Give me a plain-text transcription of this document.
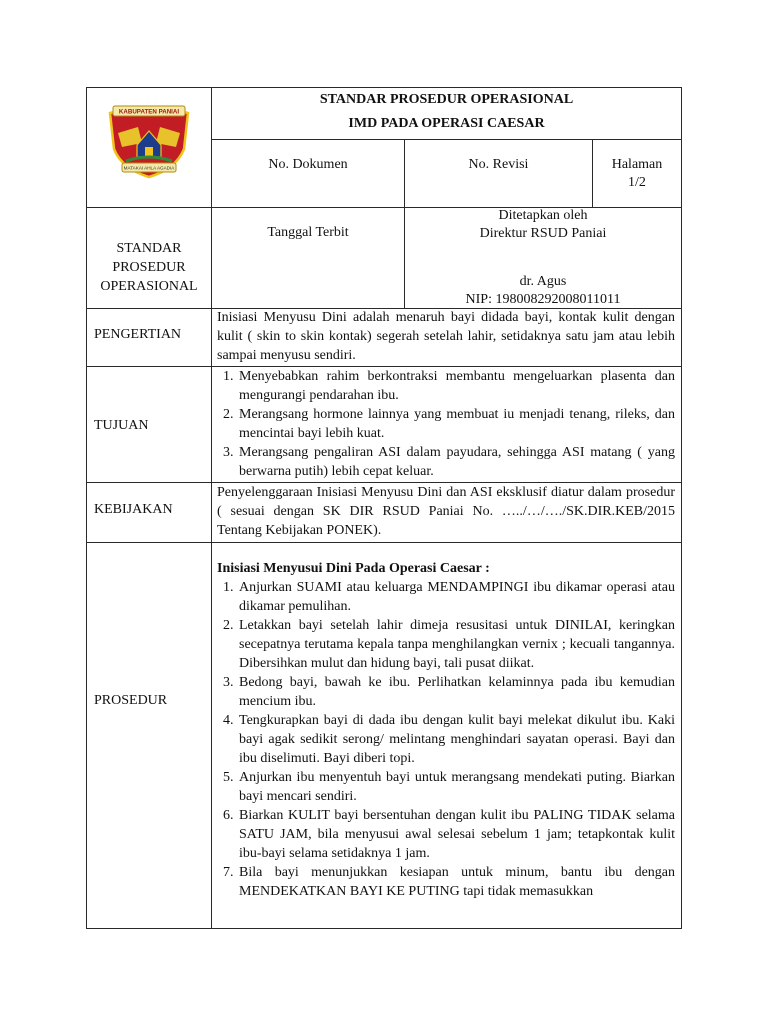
KABUPATEN PANIAI
MATAKAI AHLA AGADIA
STANDAR PROSEDUR OPERASIONAL
IMD PADA OPERASI CAESAR
No. Dokumen	No. Revisi	Halaman
1/2
STANDAR
PROSEDUR
OPERASIONAL
Tanggal Terbit
Ditetapkan oleh
Direktur RSUD Paniai
dr. Agus
NIP: 198008292008011011
PENGERTIAN
Inisiasi Menyusu Dini adalah menaruh bayi didada bayi, kontak kulit dengan kulit ( skin to skin kontak) segerah setelah lahir, setidaknya satu jam atau lebih sampai menyusu sendiri.
TUJUAN
1. Menyebabkan rahim berkontraksi membantu mengeluarkan plasenta dan mengurangi pendarahan ibu.
2. Merangsang hormone lainnya yang membuat iu menjadi tenang, rileks, dan mencintai bayi lebih kuat.
3. Merangsang pengaliran ASI dalam payudara, sehingga ASI matang ( yang berwarna putih) lebih cepat keluar.
KEBIJAKAN
Penyelenggaraan Inisiasi Menyusu Dini dan ASI eksklusif diatur dalam prosedur ( sesuai dengan SK DIR RSUD Paniai No. …../…/…./SK.DIR.KEB/2015 Tentang Kebijakan PONEK).
PROSEDUR
Inisiasi Menyusui Dini Pada Operasi Caesar :
1. Anjurkan SUAMI atau keluarga MENDAMPINGI ibu dikamar operasi atau dikamar pemulihan.
2. Letakkan bayi setelah lahir dimeja resusitasi untuk DINILAI, keringkan secepatnya terutama kepala tanpa menghilangkan vernix ; kecuali tangannya. Dibersihkan mulut dan hidung bayi, tali pusat diikat.
3. Bedong bayi, bawah ke ibu. Perlihatkan kelaminnya pada ibu kemudian mencium ibu.
4. Tengkurapkan bayi di dada ibu dengan kulit bayi melekat dikulut ibu. Kaki bayi agak sedikit serong/ melintang menghindari sayatan operasi. Bayi dan ibu diselimuti. Bayi diberi topi.
5. Anjurkan ibu menyentuh bayi untuk merangsang mendekati puting. Biarkan bayi mencari sendiri.
6. Biarkan KULIT bayi bersentuhan dengan kulit ibu PALING TIDAK selama SATU JAM, bila menyusui awal selesai sebelum 1 jam; tetapkontak kulit ibu-bayi selama setidaknya 1 jam.
7. Bila bayi menunjukkan kesiapan untuk minum, bantu ibu dengan MENDEKATKAN BAYI KE PUTING tapi tidak memasukkan
